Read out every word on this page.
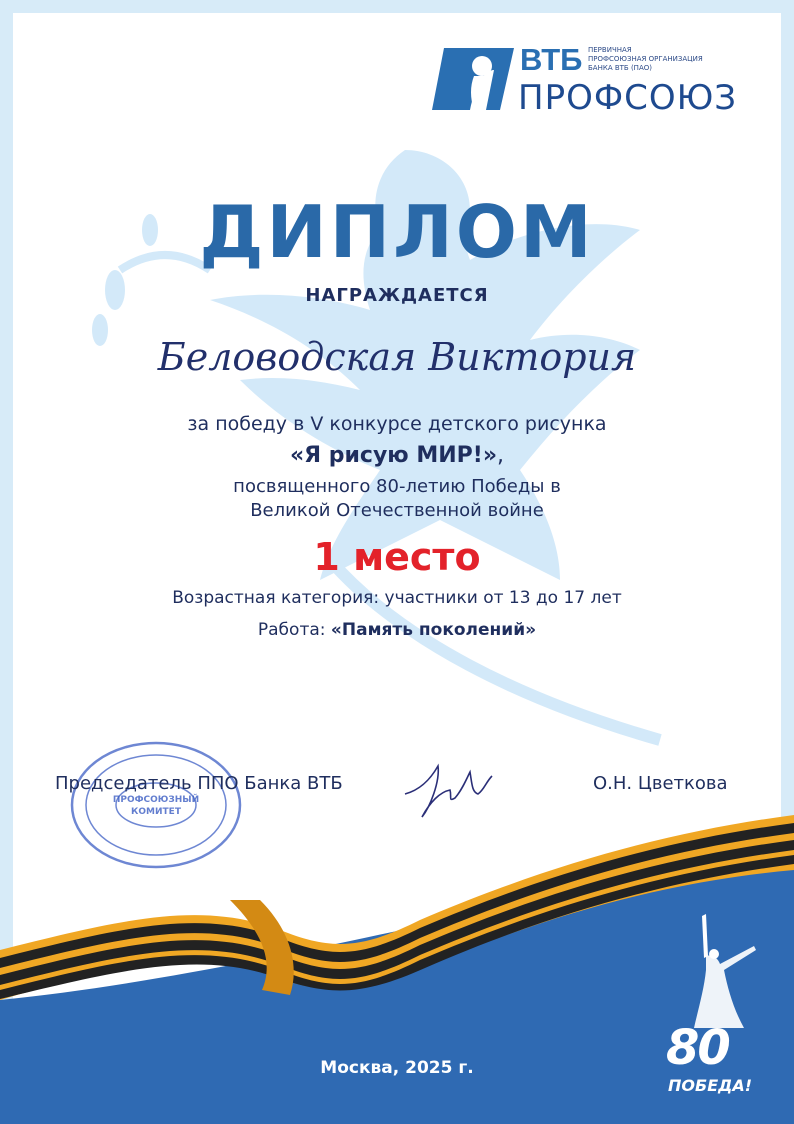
ВТБ ПЕРВИЧНАЯ
ПРОФСОЮЗНАЯ ОРГАНИЗАЦИЯ
БАНКА ВТБ (ПАО)
ПРОФСОЮЗ
ДИПЛОМ
НАГРАЖДАЕТСЯ
Беловодская Виктория
за победу в V конкурсе детского рисунка
«Я рисую МИР!»,
посвященного 80-летию Победы в
Великой Отечественной войне
1 место
Возрастная категория: участники от 13 до 17 лет
Работа: «Память поколений»
ПРОФСОЮЗНЫЙ
КОМИТЕТ
Председатель ППО Банка ВТБ	О.Н. Цветкова
Москва, 2025 г.	80
ПОБЕДА!
